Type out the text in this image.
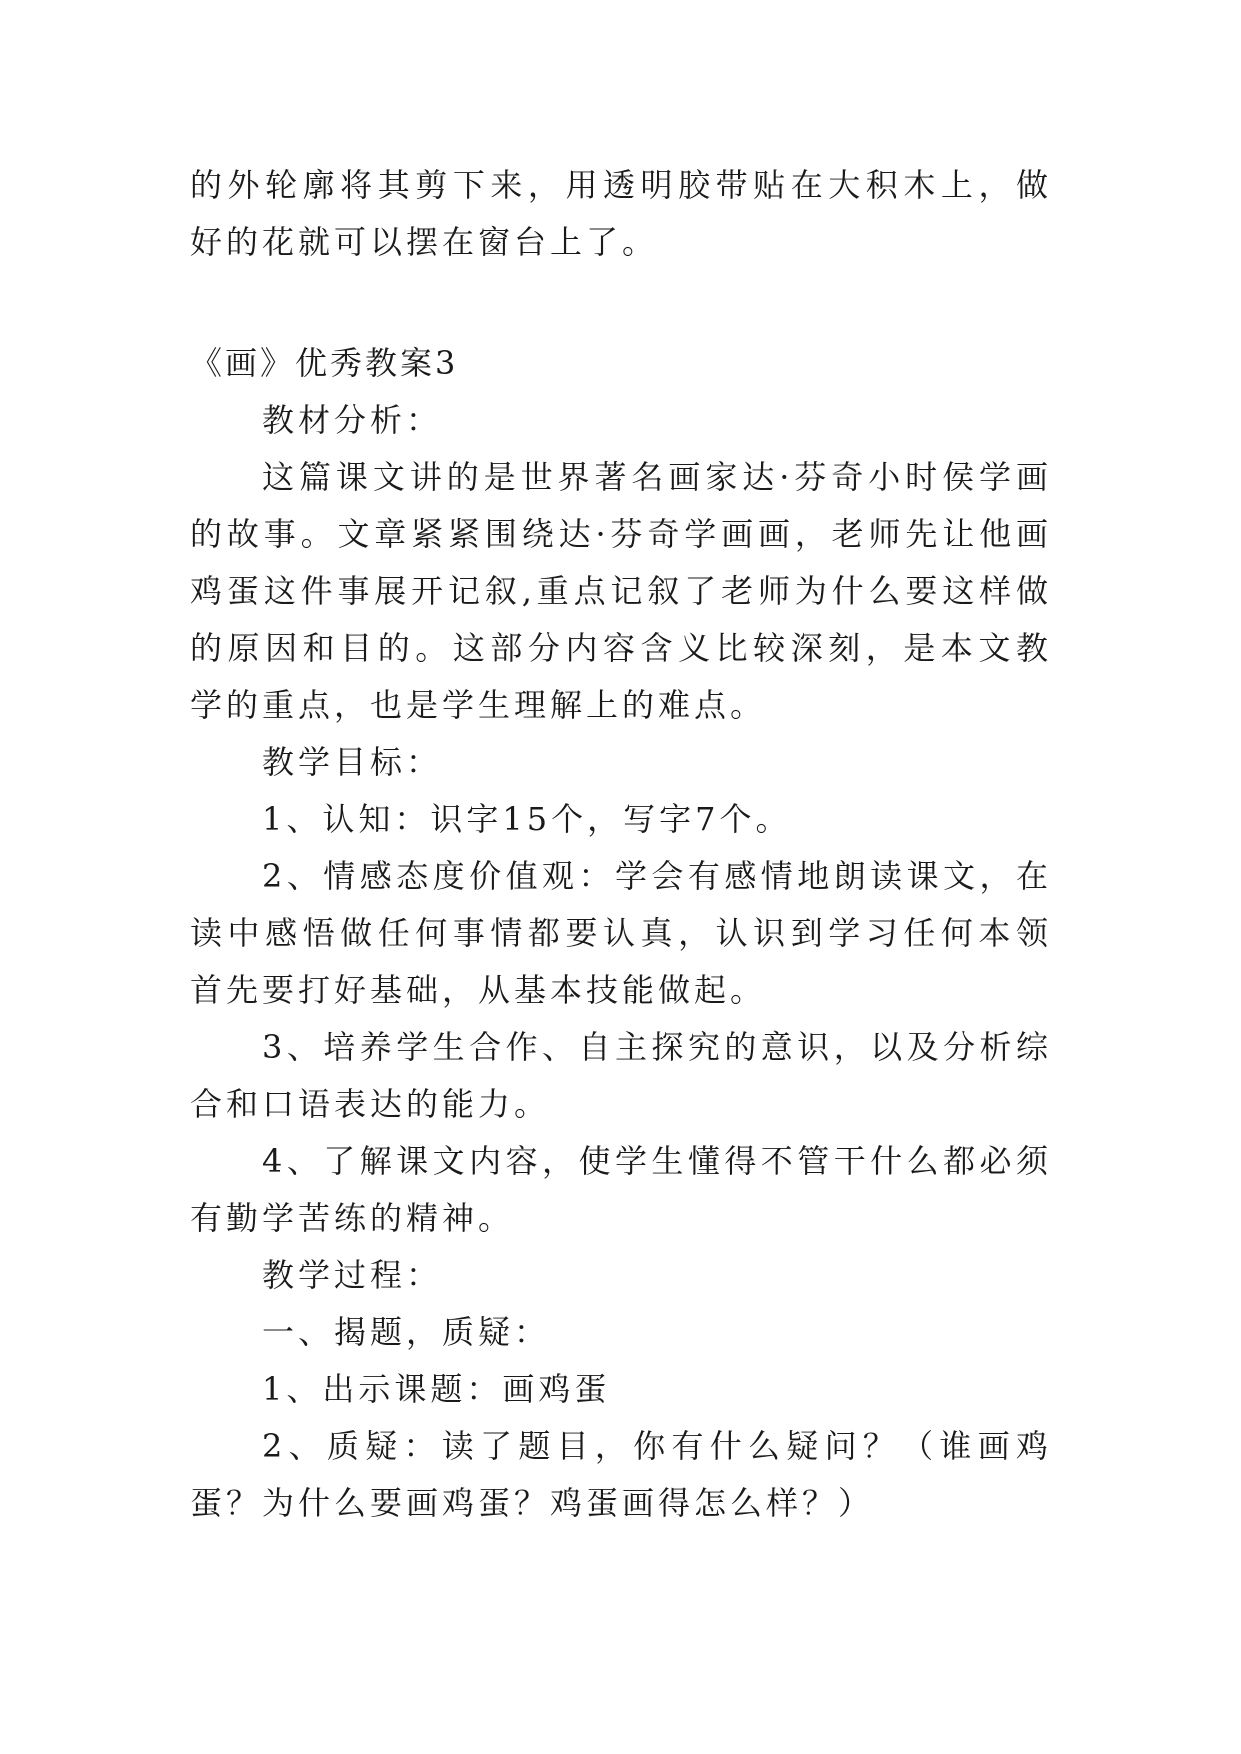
的外轮廓将其剪下来，用透明胶带贴在大积木上，做好的花就可以摆在窗台上了。

《画》优秀教案3

教材分析：

这篇课文讲的是世界著名画家达·芬奇小时侯学画的故事。文章紧紧围绕达·芬奇学画画，老师先让他画鸡蛋这件事展开记叙,重点记叙了老师为什么要这样做的原因和目的。这部分内容含义比较深刻，是本文教学的重点，也是学生理解上的难点。

教学目标：

1、认知：识字15个，写字7个。

2、情感态度价值观：学会有感情地朗读课文，在读中感悟做任何事情都要认真，认识到学习任何本领首先要打好基础，从基本技能做起。

3、培养学生合作、自主探究的意识，以及分析综合和口语表达的能力。

4、了解课文内容，使学生懂得不管干什么都必须有勤学苦练的精神。

教学过程：

一、揭题，质疑：

1、出示课题：画鸡蛋

2、质疑：读了题目，你有什么疑问？（谁画鸡蛋？为什么要画鸡蛋？鸡蛋画得怎么样？）
